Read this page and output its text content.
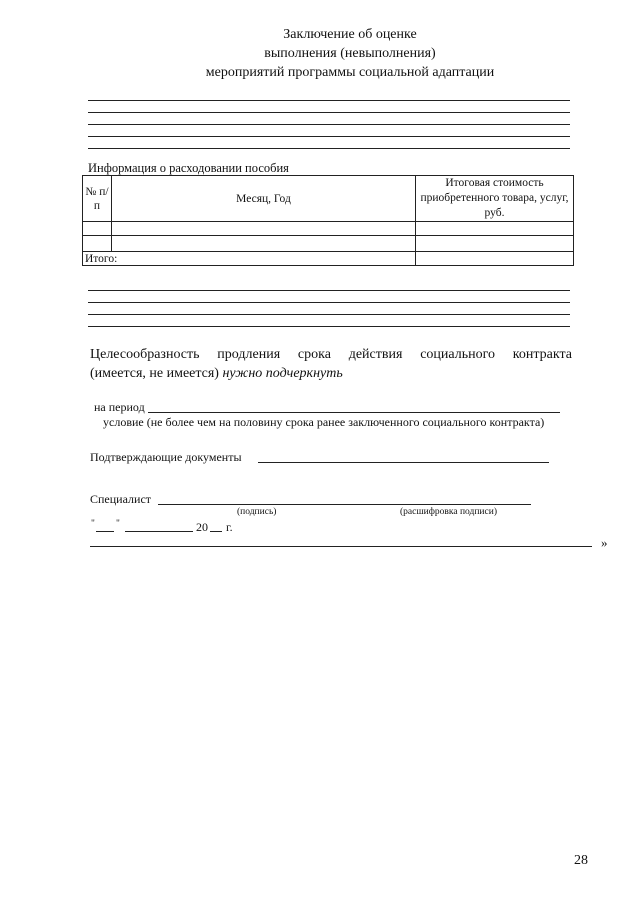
Заключение об оценке
выполнения (невыполнения)
мероприятий программы социальной адаптации
Информация о расходовании пособия
№ п/п	Месяц, Год	Итоговая стоимость приобретенного товара, услуг, руб.

Итого:		
Целесообразность продления срока действия социального контракта
(имеется, не имеется) нужно подчеркнуть
на период
условие (не более чем на половину срока ранее заключенного социального контракта)
Подтверждающие документы
Специалист
(подпись)	(расшифровка подписи)
" "	20 г.
»
28
